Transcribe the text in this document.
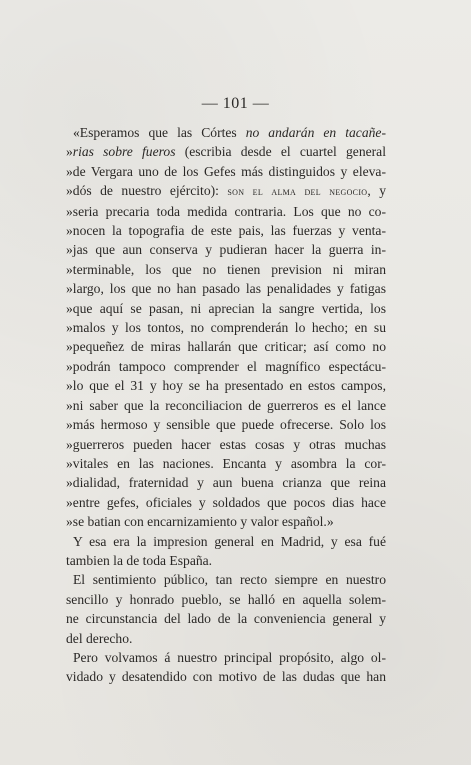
— 101 —
«Esperamos que las Córtes no andarán en tacañe-
»rias sobre fueros (escribia desde el cuartel general
»de Vergara uno de los Gefes más distinguidos y eleva-
»dós de nuestro ejército): son el alma del negocio, y
»seria precaria toda medida contraria. Los que no co-
»nocen la topografia de este pais, las fuerzas y venta-
»jas que aun conserva y pudieran hacer la guerra in-
»terminable, los que no tienen prevision ni miran
»largo, los que no han pasado las penalidades y fatigas
»que aquí se pasan, ni aprecian la sangre vertida, los
»malos y los tontos, no comprenderán lo hecho; en su
»pequeñez de miras hallarán que criticar; así como no
»podrán tampoco comprender el magnífico espectácu-
»lo que el 31 y hoy se ha presentado en estos campos,
»ni saber que la reconciliacion de guerreros es el lance
»más hermoso y sensible que puede ofrecerse. Solo los
»guerreros pueden hacer estas cosas y otras muchas
»vitales en las naciones. Encanta y asombra la cor-
»dialidad, fraternidad y aun buena crianza que reina
»entre gefes, oficiales y soldados que pocos dias hace
»se batian con encarnizamiento y valor español.»
Y esa era la impresion general en Madrid, y esa fué
tambien la de toda España.
El sentimiento público, tan recto siempre en nuestro
sencillo y honrado pueblo, se halló en aquella solem-
ne circunstancia del lado de la conveniencia general y
del derecho.
Pero volvamos á nuestro principal propósito, algo ol-
vidado y desatendido con motivo de las dudas que han
